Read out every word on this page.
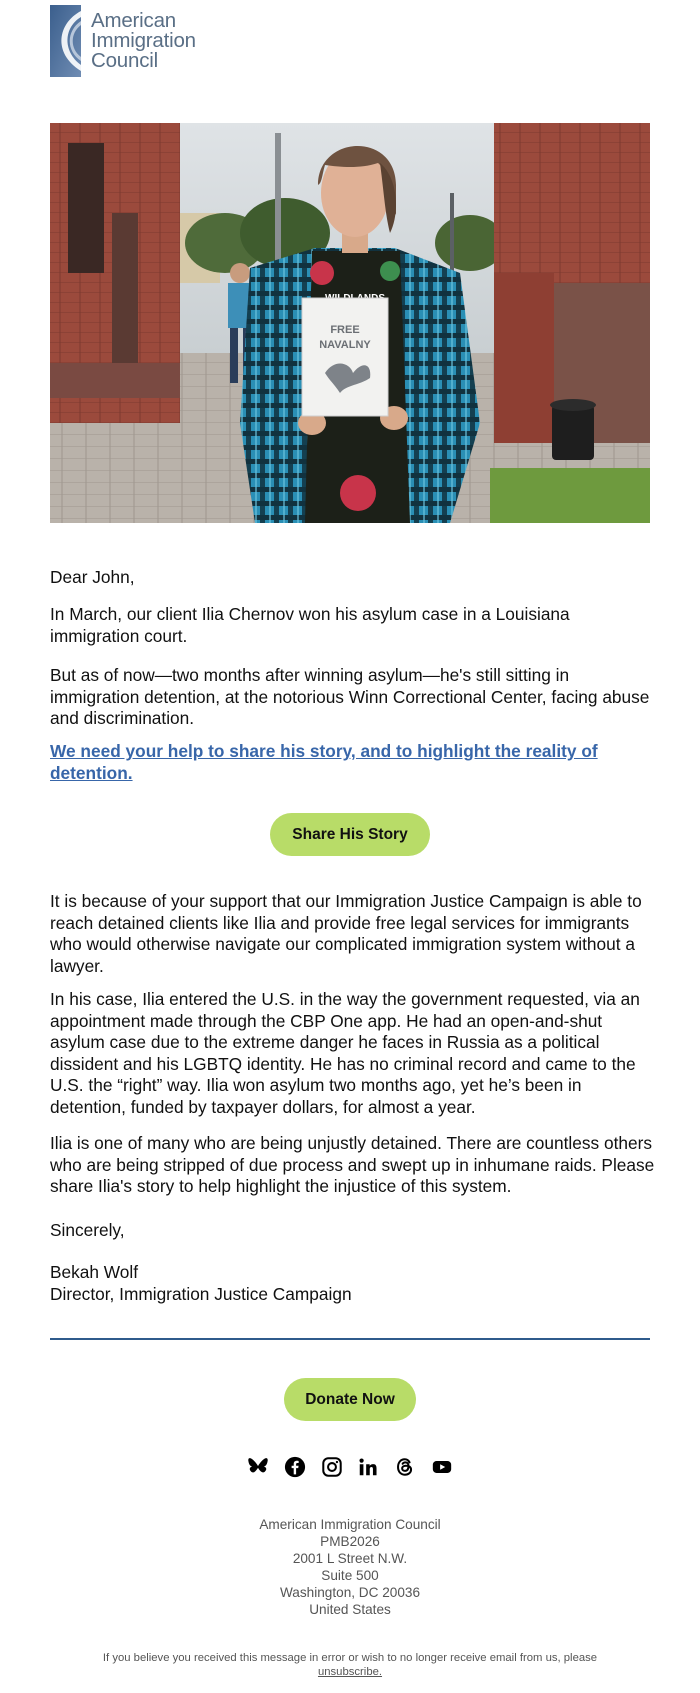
American
Immigration
Council
FREE
NAVALNY

Dear John,

In March, our client Ilia Chernov won his asylum case in a Louisiana immigration court.

But as of now—two months after winning asylum—he's still sitting in immigration detention, at the notorious Winn Correctional Center, facing abuse and discrimination.

We need your help to share his story, and to highlight the reality of detention.
Share His Story

It is because of your support that our Immigration Justice Campaign is able to reach detained clients like Ilia and provide free legal services for immigrants who would otherwise navigate our complicated immigration system without a lawyer.

In his case, Ilia entered the U.S. in the way the government requested, via an appointment made through the CBP One app. He had an open-and-shut asylum case due to the extreme danger he faces in Russia as a political dissident and his LGBTQ identity. He has no criminal record and came to the U.S. the “right” way. Ilia won asylum two months ago, yet he’s been in detention, funded by taxpayer dollars, for almost a year.

Ilia is one of many who are being unjustly detained. There are countless others who are being stripped of due process and swept up in inhumane raids. Please share Ilia's story to help highlight the injustice of this system.

Sincerely,

Bekah Wolf

Director, Immigration Justice Campaign

Donate Now
American Immigration Council
PMB2026
2001 L Street N.W.
Suite 500
Washington, DC 20036
United States
If you believe you received this message in error or wish to no longer receive email from us, please unsubscribe.
